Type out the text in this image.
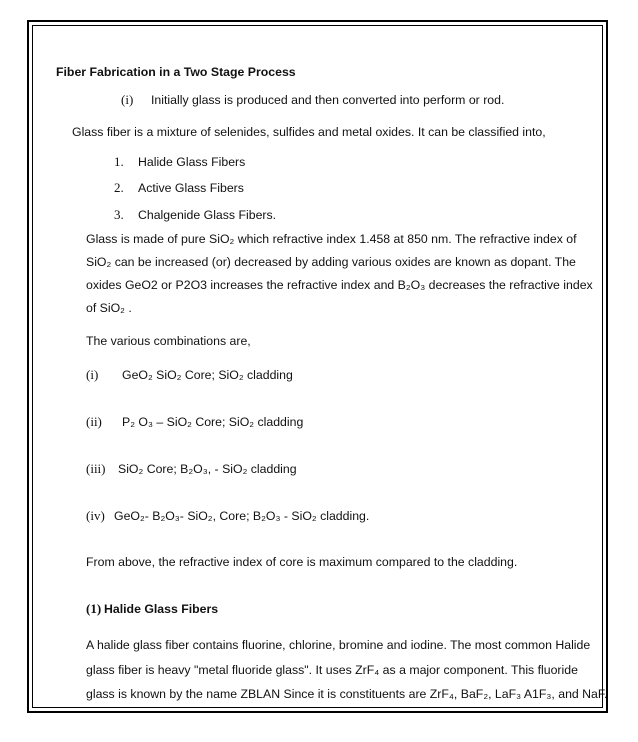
Fiber Fabrication in a Two Stage Process
(i) Initially glass is produced and then converted into perform or rod.
Glass fiber is a mixture of selenides, sulfides and metal oxides. It can be classified into,
1. Halide Glass Fibers
2. Active Glass Fibers
3. Chalgenide Glass Fibers.
Glass is made of pure SiO₂ which refractive index 1.458 at 850 nm. The refractive index of
SiO₂ can be increased (or) decreased by adding various oxides are known as dopant. The
oxides GeO2 or P2O3 increases the refractive index and B₂O₃ decreases the refractive index
of SiO₂ .
The various combinations are,
(i) GeO₂ SiO₂ Core; SiO₂ cladding
(ii) P₂ O₃ – SiO₂ Core; SiO₂ cladding
(iii) SiO₂ Core; B₂O₃, - SiO₂ cladding
(iv) GeO₂- B₂O₃- SiO₂, Core; B₂O₃ - SiO₂ cladding.
From above, the refractive index of core is maximum compared to the cladding.
(1) Halide Glass Fibers
A halide glass fiber contains fluorine, chlorine, bromine and iodine. The most common Halide
glass fiber is heavy "metal fluoride glass". It uses ZrF₄ as a major component. This fluoride
glass is known by the name ZBLAN Since it is constituents are ZrF₄, BaF₂, LaF₃ A1F₃, and NaF.
